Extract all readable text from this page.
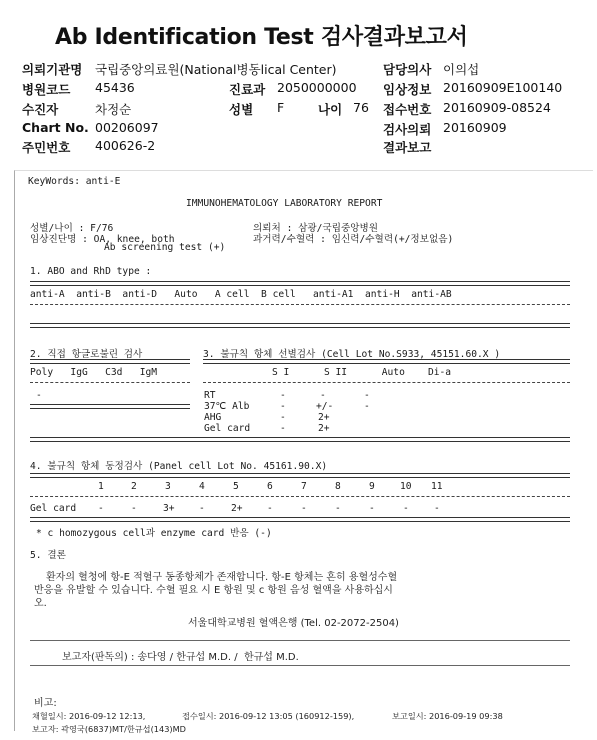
Ab Identification Test 검사결과보고서
의뢰기관명 국립중앙의료원(National병동lical Center)
병원코드 45436
수진자	차정순
Chart No. 00206097
주민번호 400626-2
진료과 2050000000
성별 F	나이 76
담당의사 이의섭
임상정보 20160909E100140
접수번호 20160909-08524
검사의뢰 20160909
결과보고
KeyWords: anti-E
IMMUNOHEMATOLOGY LABORATORY REPORT
성별/나이 : F/76
임상진단명 : OA, knee, both
Ab screening test (+)
의뢰처 : 삼광/국립중앙병원
과거력/수혈력 : 임신력/수혈력(+/정보없음)
1. ABO and RhD type :
anti-A  anti-B  anti-D   Auto   A cell  B cell   anti-A1  anti-H  anti-AB
2. 직접 항글로불린 검사
Poly   IgG   C3d   IgM
-
3. 불규칙 항체 선별검사 (Cell Lot No.S933, 45151.60.X )
S I      S II      Auto    Di-a
RT	-	-	-
37℃ Alb	-	+/-	-
AHG	-	2+
Gel card	-	2+
4. 불규칙 항체 동정검사 (Panel cell Lot No. 45161.90.X)
1	2	3	4	5	6	7	8	9	10 11
Gel card -	-	3+	-	2+	-	-	-	-	-	-
* c homozygous cell과 enzyme card 반응 (-)
5. 결론
환자의 혈청에 항-E 적혈구 동종항체가 존재합니다. 항-E 항체는 흔히 용혈성수혈
반응을 유발할 수 있습니다. 수혈 필요 시 E 항원 및 c 항원 음성 혈액을 사용하십시
오.
서울대학교병원 혈액은행 (Tel. 02-2072-2504)
보고자(판독의) : 송다영 / 한규섭 M.D. /  한규섭 M.D.
비고:
채혈일시: 2016-09-12 12:13,	접수일시: 2016-09-12 13:05 (160912-159),	보고일시: 2016-09-19 09:38
보고자: 곽영국(6837)MT/한규섭(143)MD
